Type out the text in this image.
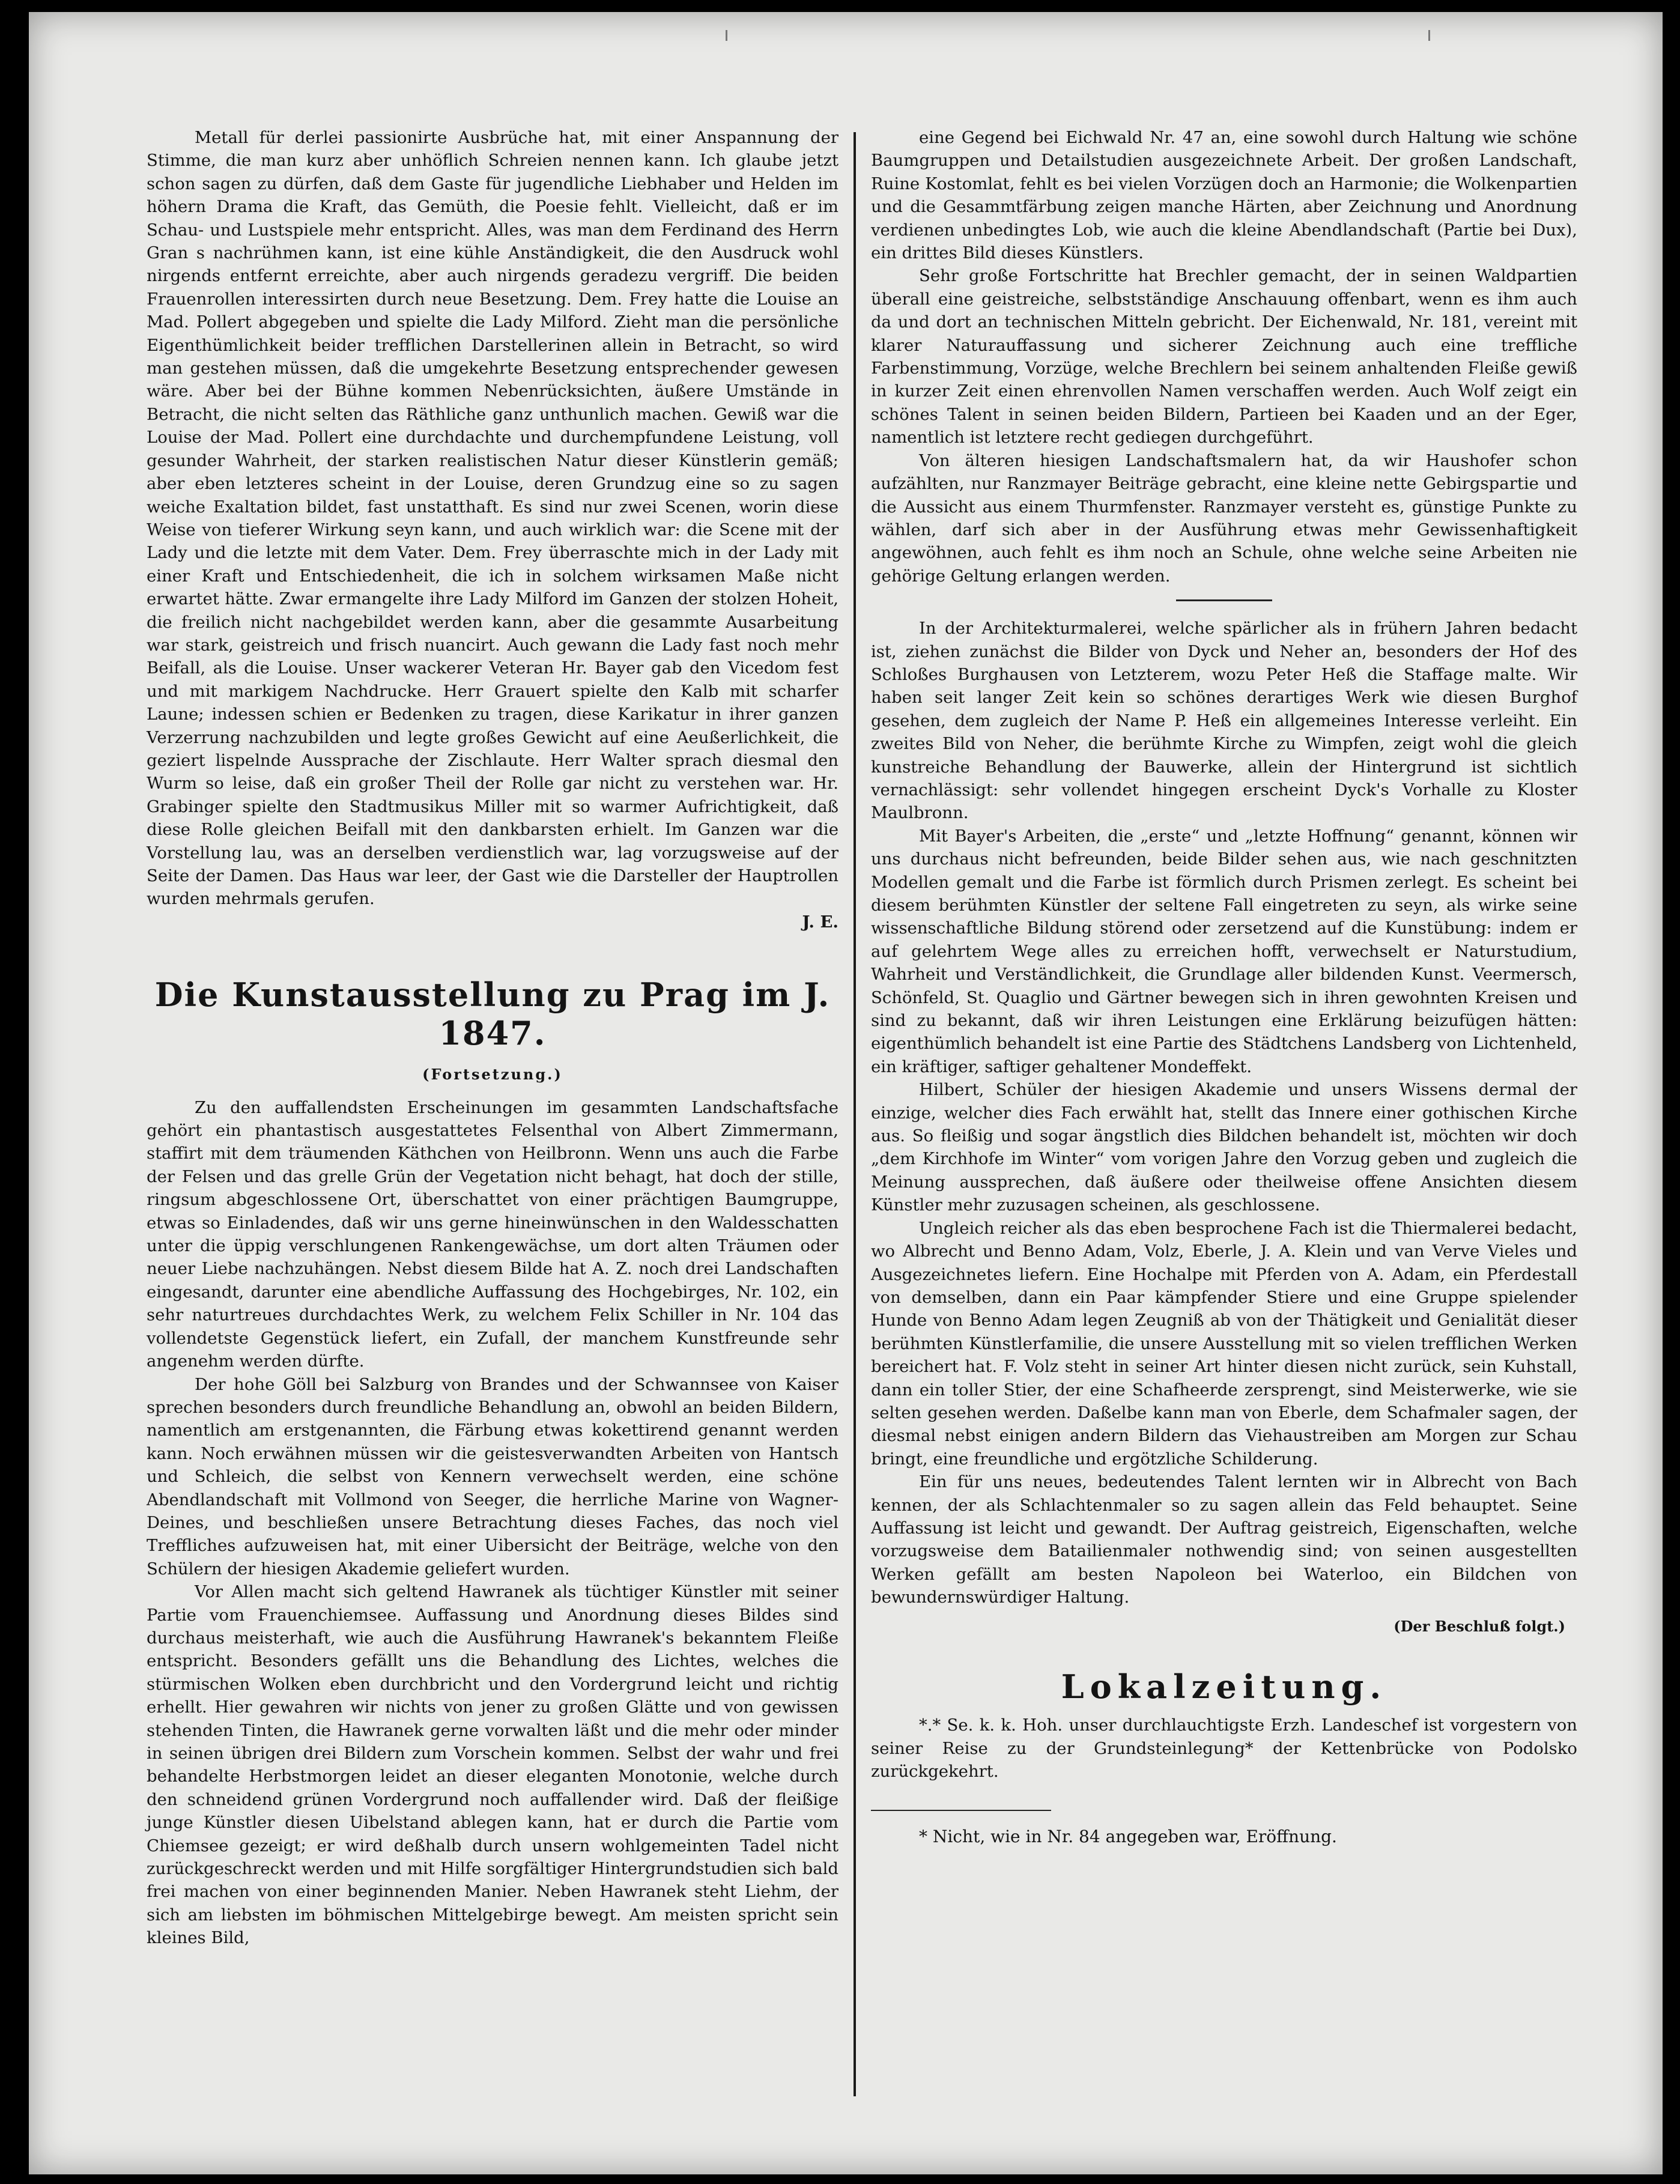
Metall für derlei passionirte Ausbrüche hat, mit einer Anspannung der Stimme, die man kurz aber unhöflich Schreien nennen kann. Ich glaube jetzt schon sagen zu dürfen, daß dem Gaste für jugendliche Liebhaber und Helden im höhern Drama die Kraft, das Gemüth, die Poesie fehlt. Vielleicht, daß er im Schau- und Lustspiele mehr entspricht. Alles, was man dem Ferdinand des Herrn Gran s nachrühmen kann, ist eine kühle Anständigkeit, die den Ausdruck wohl nirgends entfernt erreichte, aber auch nirgends geradezu vergriff. Die beiden Frauenrollen interessirten durch neue Besetzung. Dem. Frey hatte die Louise an Mad. Pollert abgegeben und spielte die Lady Milford. Zieht man die persönliche Eigenthümlichkeit beider trefflichen Darstellerinen allein in Betracht, so wird man gestehen müssen, daß die umgekehrte Besetzung entsprechender gewesen wäre. Aber bei der Bühne kommen Nebenrücksichten, äußere Umstände in Betracht, die nicht selten das Räthliche ganz unthunlich machen. Gewiß war die Louise der Mad. Pollert eine durchdachte und durchempfundene Leistung, voll gesunder Wahrheit, der starken realistischen Natur dieser Künstlerin gemäß; aber eben letzteres scheint in der Louise, deren Grundzug eine so zu sagen weiche Exaltation bildet, fast unstatthaft. Es sind nur zwei Scenen, worin diese Weise von tieferer Wirkung seyn kann, und auch wirklich war: die Scene mit der Lady und die letzte mit dem Vater. Dem. Frey überraschte mich in der Lady mit einer Kraft und Entschiedenheit, die ich in solchem wirksamen Maße nicht erwartet hätte. Zwar ermangelte ihre Lady Milford im Ganzen der stolzen Hoheit, die freilich nicht nachgebildet werden kann, aber die gesammte Ausarbeitung war stark, geistreich und frisch nuancirt. Auch gewann die Lady fast noch mehr Beifall, als die Louise. Unser wackerer Veteran Hr. Bayer gab den Vicedom fest und mit markigem Nachdrucke. Herr Grauert spielte den Kalb mit scharfer Laune; indessen schien er Bedenken zu tragen, diese Karikatur in ihrer ganzen Verzerrung nachzubilden und legte großes Gewicht auf eine Aeußerlichkeit, die geziert lispelnde Aussprache der Zischlaute. Herr Walter sprach diesmal den Wurm so leise, daß ein großer Theil der Rolle gar nicht zu verstehen war. Hr. Grabinger spielte den Stadtmusikus Miller mit so warmer Aufrichtigkeit, daß diese Rolle gleichen Beifall mit den dankbarsten erhielt. Im Ganzen war die Vorstellung lau, was an derselben verdienstlich war, lag vorzugsweise auf der Seite der Damen. Das Haus war leer, der Gast wie die Darsteller der Hauptrollen wurden mehrmals gerufen.

J. E.
Die Kunstausstellung zu Prag im J. 1847.
(Fortsetzung.)

Zu den auffallendsten Erscheinungen im gesammten Landschaftsfache gehört ein phantastisch ausgestattetes Felsenthal von Albert Zimmermann, staffirt mit dem träumenden Käthchen von Heilbronn. Wenn uns auch die Farbe der Felsen und das grelle Grün der Vegetation nicht behagt, hat doch der stille, ringsum abgeschlossene Ort, überschattet von einer prächtigen Baumgruppe, etwas so Einladendes, daß wir uns gerne hineinwünschen in den Waldesschatten unter die üppig verschlungenen Rankengewächse, um dort alten Träumen oder neuer Liebe nachzuhängen. Nebst diesem Bilde hat A. Z. noch drei Landschaften eingesandt, darunter eine abendliche Auffassung des Hochgebirges, Nr. 102, ein sehr naturtreues durchdachtes Werk, zu welchem Felix Schiller in Nr. 104 das vollendetste Gegenstück liefert, ein Zufall, der manchem Kunstfreunde sehr angenehm werden dürfte.

Der hohe Göll bei Salzburg von Brandes und der Schwannsee von Kaiser sprechen besonders durch freundliche Behandlung an, obwohl an beiden Bildern, namentlich am erstgenannten, die Färbung etwas kokettirend genannt werden kann. Noch erwähnen müssen wir die geistesverwandten Arbeiten von Hantsch und Schleich, die selbst von Kennern verwechselt werden, eine schöne Abendlandschaft mit Vollmond von Seeger, die herrliche Marine von Wagner-Deines, und beschließen unsere Betrachtung dieses Faches, das noch viel Treffliches aufzuweisen hat, mit einer Uibersicht der Beiträge, welche von den Schülern der hiesigen Akademie geliefert wurden.

Vor Allen macht sich geltend Hawranek als tüchtiger Künstler mit seiner Partie vom Frauenchiemsee. Auffassung und Anordnung dieses Bildes sind durchaus meisterhaft, wie auch die Ausführung Hawranek's bekanntem Fleiße entspricht. Besonders gefällt uns die Behandlung des Lichtes, welches die stürmischen Wolken eben durchbricht und den Vordergrund leicht und richtig erhellt. Hier gewahren wir nichts von jener zu großen Glätte und von gewissen stehenden Tinten, die Hawranek gerne vorwalten läßt und die mehr oder minder in seinen übrigen drei Bildern zum Vorschein kommen. Selbst der wahr und frei behandelte Herbstmorgen leidet an dieser eleganten Monotonie, welche durch den schneidend grünen Vordergrund noch auffallender wird. Daß der fleißige junge Künstler diesen Uibelstand ablegen kann, hat er durch die Partie vom Chiemsee gezeigt; er wird deßhalb durch unsern wohlgemeinten Tadel nicht zurückgeschreckt werden und mit Hilfe sorgfältiger Hintergrundstudien sich bald frei machen von einer beginnenden Manier. Neben Hawranek steht Liehm, der sich am liebsten im böhmischen Mittelgebirge bewegt. Am meisten spricht sein kleines Bild,

eine Gegend bei Eichwald Nr. 47 an, eine sowohl durch Haltung wie schöne Baumgruppen und Detailstudien ausgezeichnete Arbeit. Der großen Landschaft, Ruine Kostomlat, fehlt es bei vielen Vorzügen doch an Harmonie; die Wolkenpartien und die Gesammtfärbung zeigen manche Härten, aber Zeichnung und Anordnung verdienen unbedingtes Lob, wie auch die kleine Abendlandschaft (Partie bei Dux), ein drittes Bild dieses Künstlers.

Sehr große Fortschritte hat Brechler gemacht, der in seinen Waldpartien überall eine geistreiche, selbstständige Anschauung offenbart, wenn es ihm auch da und dort an technischen Mitteln gebricht. Der Eichenwald, Nr. 181, vereint mit klarer Naturauffassung und sicherer Zeichnung auch eine treffliche Farbenstimmung, Vorzüge, welche Brechlern bei seinem anhaltenden Fleiße gewiß in kurzer Zeit einen ehrenvollen Namen verschaffen werden. Auch Wolf zeigt ein schönes Talent in seinen beiden Bildern, Partieen bei Kaaden und an der Eger, namentlich ist letztere recht gediegen durchgeführt.

Von älteren hiesigen Landschaftsmalern hat, da wir Haushofer schon aufzählten, nur Ranzmayer Beiträge gebracht, eine kleine nette Gebirgspartie und die Aussicht aus einem Thurmfenster. Ranzmayer versteht es, günstige Punkte zu wählen, darf sich aber in der Ausführung etwas mehr Gewissenhaftigkeit angewöhnen, auch fehlt es ihm noch an Schule, ohne welche seine Arbeiten nie gehörige Geltung erlangen werden.

In der Architekturmalerei, welche spärlicher als in frühern Jahren bedacht ist, ziehen zunächst die Bilder von Dyck und Neher an, besonders der Hof des Schloßes Burghausen von Letzterem, wozu Peter Heß die Staffage malte. Wir haben seit langer Zeit kein so schönes derartiges Werk wie diesen Burghof gesehen, dem zugleich der Name P. Heß ein allgemeines Interesse verleiht. Ein zweites Bild von Neher, die berühmte Kirche zu Wimpfen, zeigt wohl die gleich kunstreiche Behandlung der Bauwerke, allein der Hintergrund ist sichtlich vernachlässigt: sehr vollendet hingegen erscheint Dyck's Vorhalle zu Kloster Maulbronn.

Mit Bayer's Arbeiten, die „erste“ und „letzte Hoffnung“ genannt, können wir uns durchaus nicht befreunden, beide Bilder sehen aus, wie nach geschnitzten Modellen gemalt und die Farbe ist förmlich durch Prismen zerlegt. Es scheint bei diesem berühmten Künstler der seltene Fall eingetreten zu seyn, als wirke seine wissenschaftliche Bildung störend oder zersetzend auf die Kunstübung: indem er auf gelehrtem Wege alles zu erreichen hofft, verwechselt er Naturstudium, Wahrheit und Verständlichkeit, die Grundlage aller bildenden Kunst. Veermersch, Schönfeld, St. Quaglio und Gärtner bewegen sich in ihren gewohnten Kreisen und sind zu bekannt, daß wir ihren Leistungen eine Erklärung beizufügen hätten: eigenthümlich behandelt ist eine Partie des Städtchens Landsberg von Lichtenheld, ein kräftiger, saftiger gehaltener Mondeffekt.

Hilbert, Schüler der hiesigen Akademie und unsers Wissens dermal der einzige, welcher dies Fach erwählt hat, stellt das Innere einer gothischen Kirche aus. So fleißig und sogar ängstlich dies Bildchen behandelt ist, möchten wir doch „dem Kirchhofe im Winter“ vom vorigen Jahre den Vorzug geben und zugleich die Meinung aussprechen, daß äußere oder theilweise offene Ansichten diesem Künstler mehr zuzusagen scheinen, als geschlossene.

Ungleich reicher als das eben besprochene Fach ist die Thiermalerei bedacht, wo Albrecht und Benno Adam, Volz, Eberle, J. A. Klein und van Verve Vieles und Ausgezeichnetes liefern. Eine Hochalpe mit Pferden von A. Adam, ein Pferdestall von demselben, dann ein Paar kämpfender Stiere und eine Gruppe spielender Hunde von Benno Adam legen Zeugniß ab von der Thätigkeit und Genialität dieser berühmten Künstlerfamilie, die unsere Ausstellung mit so vielen trefflichen Werken bereichert hat. F. Volz steht in seiner Art hinter diesen nicht zurück, sein Kuhstall, dann ein toller Stier, der eine Schafheerde zersprengt, sind Meisterwerke, wie sie selten gesehen werden. Daßelbe kann man von Eberle, dem Schafmaler sagen, der diesmal nebst einigen andern Bildern das Viehaustreiben am Morgen zur Schau bringt, eine freundliche und ergötzliche Schilderung.

Ein für uns neues, bedeutendes Talent lernten wir in Albrecht von Bach kennen, der als Schlachtenmaler so zu sagen allein das Feld behauptet. Seine Auffassung ist leicht und gewandt. Der Auftrag geistreich, Eigenschaften, welche vorzugsweise dem Batailienmaler nothwendig sind; von seinen ausgestellten Werken gefällt am besten Napoleon bei Waterloo, ein Bildchen von bewundernswürdiger Haltung.

(Der Beschluß folgt.)
Lokalzeitung.

*.* Se. k. k. Hoh. unser durchlauchtigste Erzh. Landeschef ist vorgestern von seiner Reise zu der Grundsteinlegung* der Kettenbrücke von Podolsko zurückgekehrt.

* Nicht, wie in Nr. 84 angegeben war, Eröffnung.
